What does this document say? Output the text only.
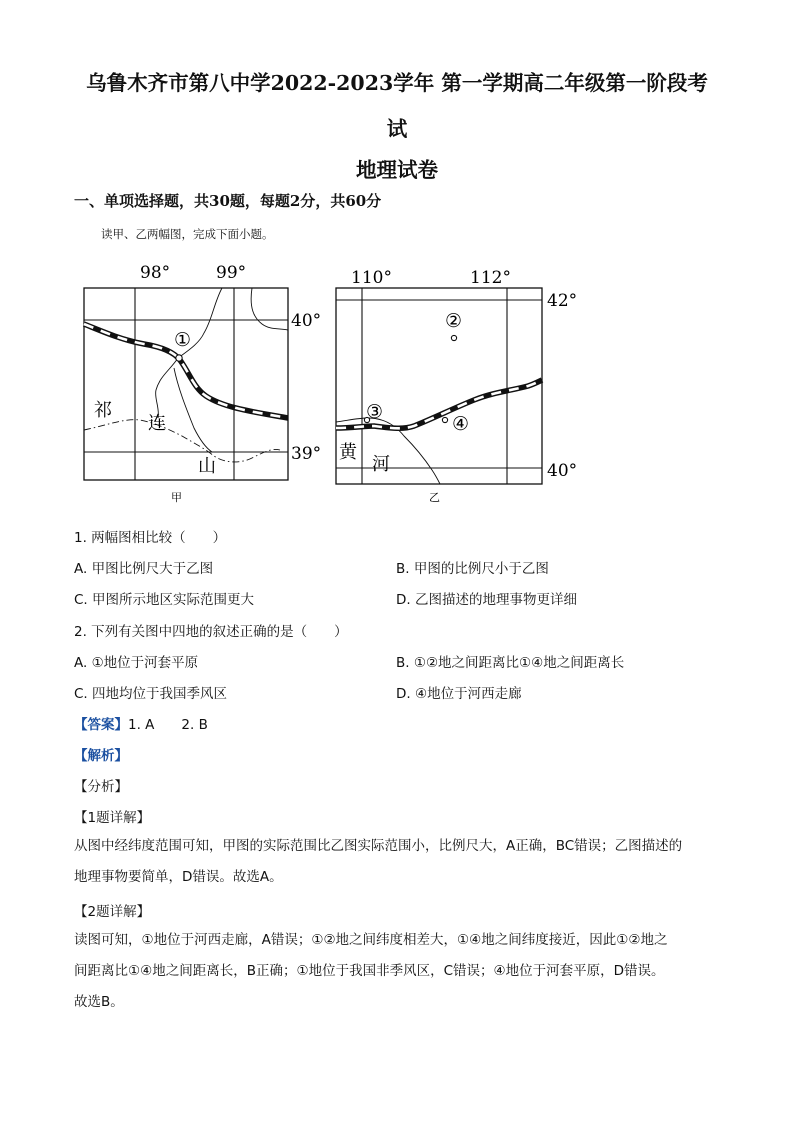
乌鲁木齐市第八中学2022-2023学年 第一学期高二年级第一阶段考
试
地理试卷
一、单项选择题，共30题，每题2分，共60分
读甲、乙两幅图，完成下面小题。
98°	99°
40°
39°
①
祁
连
山
甲
110°	112°
42°
40°
②
③
④
黄
河
乙
1. 两幅图相比较（　　）
A. 甲图比例尺大于乙图	B. 甲图的比例尺小于乙图
C. 甲图所示地区实际范围更大	D. 乙图描述的地理事物更详细
2. 下列有关图中四地的叙述正确的是（　　）
A. ①地位于河套平原	B. ①②地之间距离比①④地之间距离长
C. 四地均位于我国季风区	D. ④地位于河西走廊
【答案】1. A　　2. B
【解析】
【分析】
【1题详解】
从图中经纬度范围可知，甲图的实际范围比乙图实际范围小，比例尺大，A正确，BC错误；乙图描述的
地理事物要简单，D错误。故选A。
【2题详解】
读图可知，①地位于河西走廊，A错误；①②地之间纬度相差大，①④地之间纬度接近，因此①②地之
间距离比①④地之间距离长，B正确；①地位于我国非季风区，C错误；④地位于河套平原，D错误。
故选B。
